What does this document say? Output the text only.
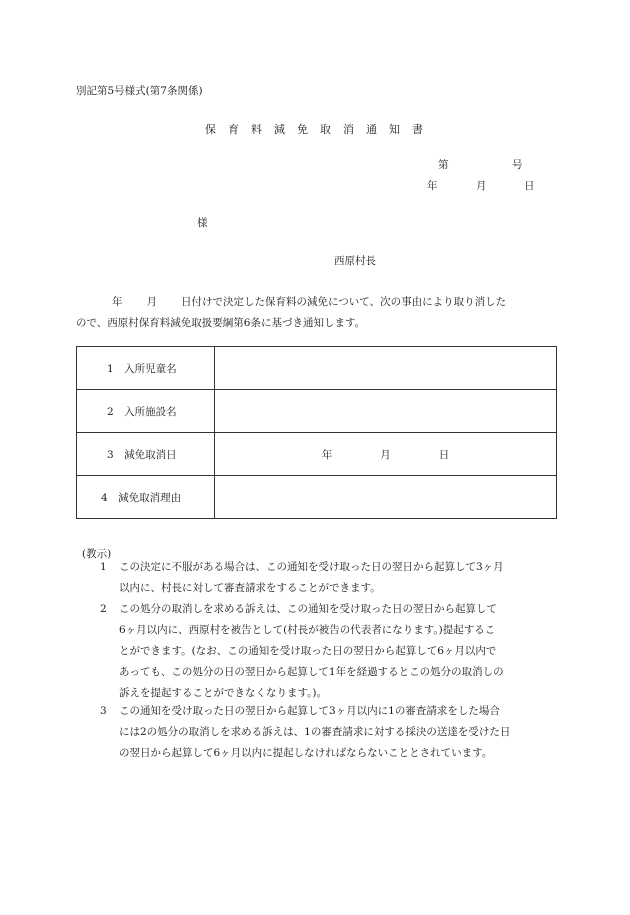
別記第5号様式(第7条関係)
保 育 料 減 免 取 消 通 知 書
第	号
年	月	日
様
西原村長
年 月 日付けで決定した保育料の減免について、次の事由により取り消した
ので、西原村保育料減免取扱要綱第6条に基づき通知します。
1　入所児童名	
2　入所施設名	
3　減免取消日	年 月 日
4　減免取消理由	
(教示)
1 この決定に不服がある場合は、この通知を受け取った日の翌日から起算して3ヶ月
以内に、村長に対して審査請求をすることができます。
2 この処分の取消しを求める訴えは、この通知を受け取った日の翌日から起算して
6ヶ月以内に、西原村を被告として(村長が被告の代表者になります。)提起するこ
とができます。(なお、この通知を受け取った日の翌日から起算して6ヶ月以内で
あっても、この処分の日の翌日から起算して1年を経過するとこの処分の取消しの
訴えを提起することができなくなります。)。
3 この通知を受け取った日の翌日から起算して3ヶ月以内に1の審査請求をした場合
には2の処分の取消しを求める訴えは、1の審査請求に対する採決の送達を受けた日
の翌日から起算して6ヶ月以内に提起しなければならないこととされています。
